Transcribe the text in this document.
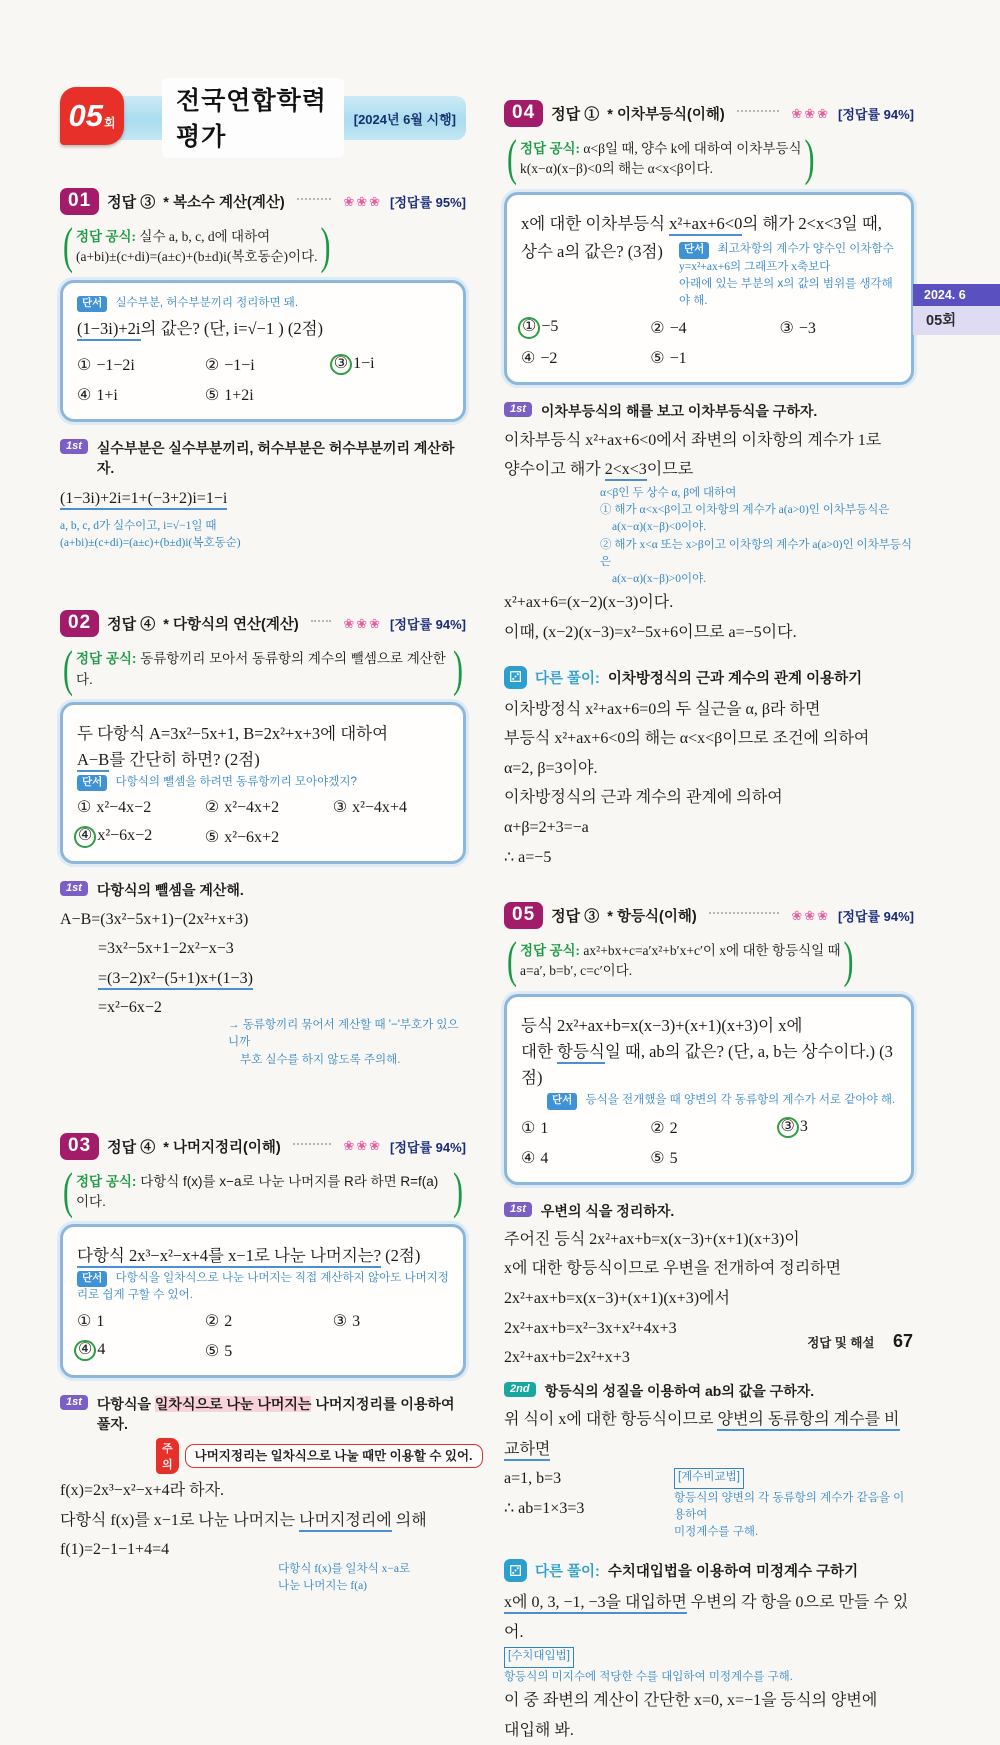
전국연합학력평가
[2024년 6월 시행]
05 회
01	정답 ③ * 복소수 계산(계산)	❀❀❀ [정답률 95%]
( 정답 공식: 실수 a, b, c, d에 대하여
(a+bi)±(c+di)=(a±c)+(b±d)i(복호동순)이다. )
단서 실수부분, 허수부분끼리 정리하면 돼.
(1−3i)+2i의 값은? (단, i=√−1 ) (2점)
① −1−2i	② −1−i	③ 1−i
④ 1+i	⑤ 1+2i
1st	실수부분은 실수부분끼리, 허수부분은 허수부분끼리 계산하자.
(1−3i)+2i=1+(−3+2)i=1−i
a, b, c, d가 실수이고, i=√−1일 때
(a+bi)±(c+di)=(a±c)+(b±d)i(복호동순)
02	정답 ④ * 다항식의 연산(계산)	❀❀❀ [정답률 94%]
( 정답 공식: 동류항끼리 모아서 동류항의 계수의 뺄셈으로 계산한다.	)
두 다항식 A=3x²−5x+1, B=2x²+x+3에 대하여
A−B를 간단히 하면? (2점)
단서 다항식의 뺄셈을 하려면 동류항끼리 모아야겠지?
① x²−4x−2	② x²−4x+2	③ x²−4x+4
④ x²−6x−2	⑤ x²−6x+2
1st	다항식의 뺄셈을 계산해.
A−B=(3x²−5x+1)−(2x²+x+3)
=3x²−5x+1−2x²−x−3
=(3−2)x²−(5+1)x+(1−3)
=x²−6x−2
→ 동류항끼리 묶어서 계산할 때 '−'부호가 있으니까
부호 실수를 하지 않도록 주의해.
03	정답 ④ * 나머지정리(이해)	❀❀❀ [정답률 94%]
( 정답 공식: 다항식 f(x)를 x−a로 나눈 나머지를 R라 하면 R=f(a)이다.	)
다항식 2x³−x²−x+4를 x−1로 나눈 나머지는? (2점)
단서 다항식을 일차식으로 나눈 나머지는 직접 계산하지 않아도 나머지정리로 쉽게 구할 수 있어.
① 1	② 2	③ 3
④ 4	⑤ 5
1st	다항식을 일차식으로 나눈 나머지는 나머지정리를 이용하여 풀자.
주의
나머지정리는 일차식으로 나눌 때만 이용할 수 있어.
f(x)=2x³−x²−x+4라 하자.
다항식 f(x)를 x−1로 나눈 나머지는 나머지정리에 의해
f(1)=2−1−1+4=4
다항식 f(x)를 일차식 x−a로
나눈 나머지는 f(a)
04	정답 ① * 이차부등식(이해)	❀❀❀ [정답률 94%]
( 정답 공식: α<β일 때, 양수 k에 대하여 이차부등식
k(x−α)(x−β)<0의 해는 α<x<β이다.	)
x에 대한 이차부등식 x²+ax+6<0의 해가 2<x<3일 때,
상수 a의 값은? (3점)	단서 최고차항의 계수가 양수인 이차함수
y=x²+ax+6의 그래프가 x축보다
아래에 있는 부분의 x의 값의 범위를 생각해야 해.
① −5	② −4	③ −3
④ −2	⑤ −1
1st	이차부등식의 해를 보고 이차부등식을 구하자.
이차부등식 x²+ax+6<0에서 좌변의 이차항의 계수가 1로
양수이고 해가 2<x<3이므로
α<β인 두 상수 α, β에 대하여
① 해가 α<x<β이고 이차항의 계수가 a(a>0)인 이차부등식은
a(x−α)(x−β)<0이야.
② 해가 x<α 또는 x>β이고 이차항의 계수가 a(a>0)인 이차부등식은
a(x−α)(x−β)>0이야.
x²+ax+6=(x−2)(x−3)이다.
이때, (x−2)(x−3)=x²−5x+6이므로 a=−5이다.
⚂ 다른 풀이: 이차방정식의 근과 계수의 관계 이용하기
이차방정식 x²+ax+6=0의 두 실근을 α, β라 하면
부등식 x²+ax+6<0의 해는 α<x<β이므로 조건에 의하여
α=2, β=3이야.
이차방정식의 근과 계수의 관계에 의하여
α+β=2+3=−a
∴ a=−5
05	정답 ③ * 항등식(이해)	❀❀❀ [정답률 94%]
( 정답 공식: ax²+bx+c=a′x²+b′x+c′이 x에 대한 항등식일 때
a=a′, b=b′, c=c′이다.	)
등식 2x²+ax+b=x(x−3)+(x+1)(x+3)이 x에
대한 항등식일 때, ab의 값은? (단, a, b는 상수이다.) (3점)
단서 등식을 전개했을 때 양변의 각 동류항의 계수가 서로 같아야 해.
① 1	② 2	③ 3
④ 4	⑤ 5
1st	우변의 식을 정리하자.
주어진 등식 2x²+ax+b=x(x−3)+(x+1)(x+3)이
x에 대한 항등식이므로 우변을 전개하여 정리하면
2x²+ax+b=x(x−3)+(x+1)(x+3)에서
2x²+ax+b=x²−3x+x²+4x+3
2x²+ax+b=2x²+x+3
2nd	항등식의 성질을 이용하여 ab의 값을 구하자.
위 식이 x에 대한 항등식이므로 양변의 동류항의 계수를 비교하면
a=1, b=3
∴ ab=1×3=3
[계수비교법]
항등식의 양변의 각 동류항의 계수가 같음을 이용하여
미정계수를 구해.
⚂ 다른 풀이: 수치대입법을 이용하여 미정계수 구하기
x에 0, 3, −1, −3을 대입하면 우변의 각 항을 0으로 만들 수 있어.
[수치대입법]
항등식의 미지수에 적당한 수를 대입하여 미정계수를 구해.
이 중 좌변의 계산이 간단한 x=0, x=−1을 등식의 양변에
대입해 봐.
2024. 6
05회
정답 및 해설 67
